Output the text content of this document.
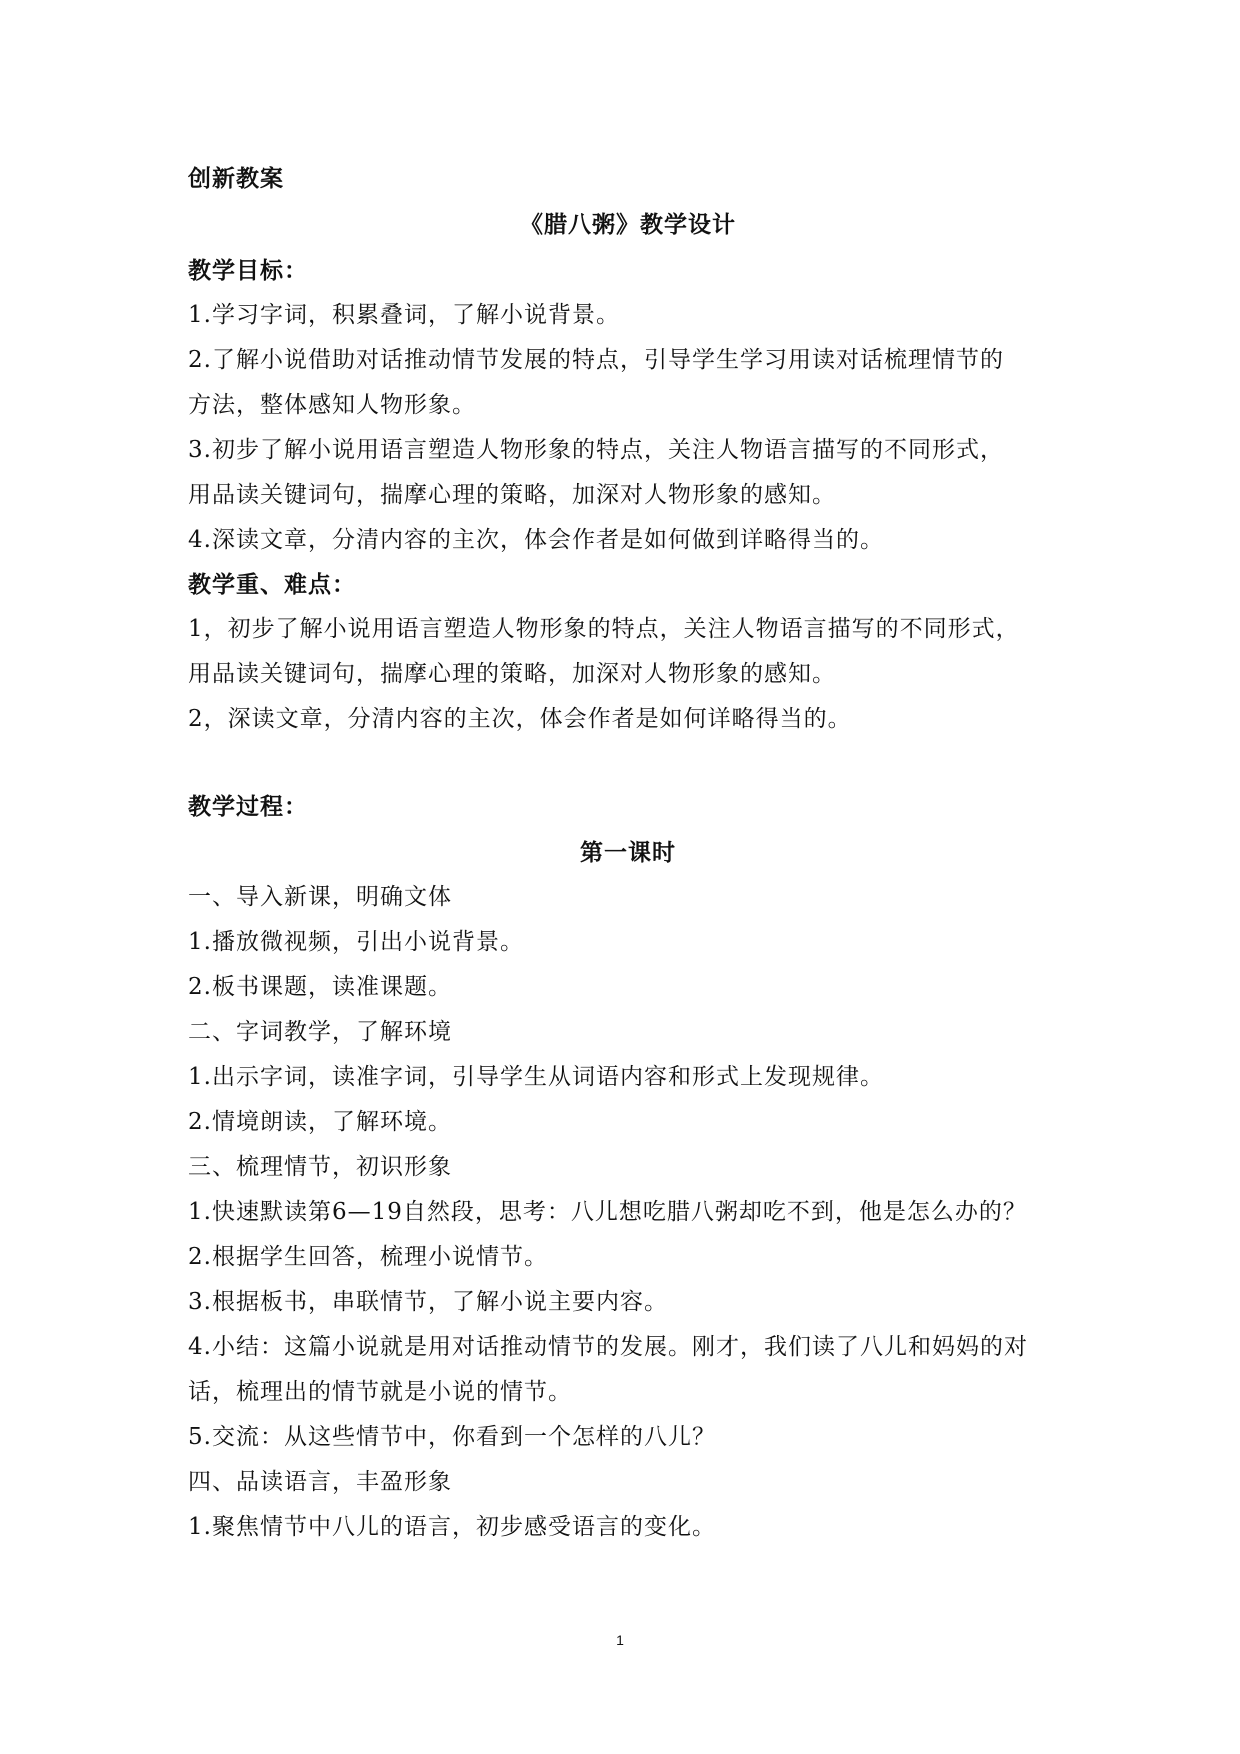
创新教案
《腊八粥》教学设计
教学目标：
1.学习字词，积累叠词，了解小说背景。
2.了解小说借助对话推动情节发展的特点，引导学生学习用读对话梳理情节的
方法，整体感知人物形象。
3.初步了解小说用语言塑造人物形象的特点，关注人物语言描写的不同形式，
用品读关键词句，揣摩心理的策略，加深对人物形象的感知。
4.深读文章，分清内容的主次，体会作者是如何做到详略得当的。
教学重、难点：
1，初步了解小说用语言塑造人物形象的特点，关注人物语言描写的不同形式，
用品读关键词句，揣摩心理的策略，加深对人物形象的感知。
2，深读文章，分清内容的主次，体会作者是如何详略得当的。
教学过程：
第一课时
一、导入新课，明确文体
1.播放微视频，引出小说背景。
2.板书课题，读准课题。
二、字词教学，了解环境
1.出示字词，读准字词，引导学生从词语内容和形式上发现规律。
2.情境朗读，了解环境。
三、梳理情节，初识形象
1.快速默读第6—19自然段，思考：八儿想吃腊八粥却吃不到，他是怎么办的？
2.根据学生回答，梳理小说情节。
3.根据板书，串联情节，了解小说主要内容。
4.小结：这篇小说就是用对话推动情节的发展。刚才，我们读了八儿和妈妈的对
话，梳理出的情节就是小说的情节。
5.交流：从这些情节中，你看到一个怎样的八儿？
四、品读语言，丰盈形象
1.聚焦情节中八儿的语言，初步感受语言的变化。
1
